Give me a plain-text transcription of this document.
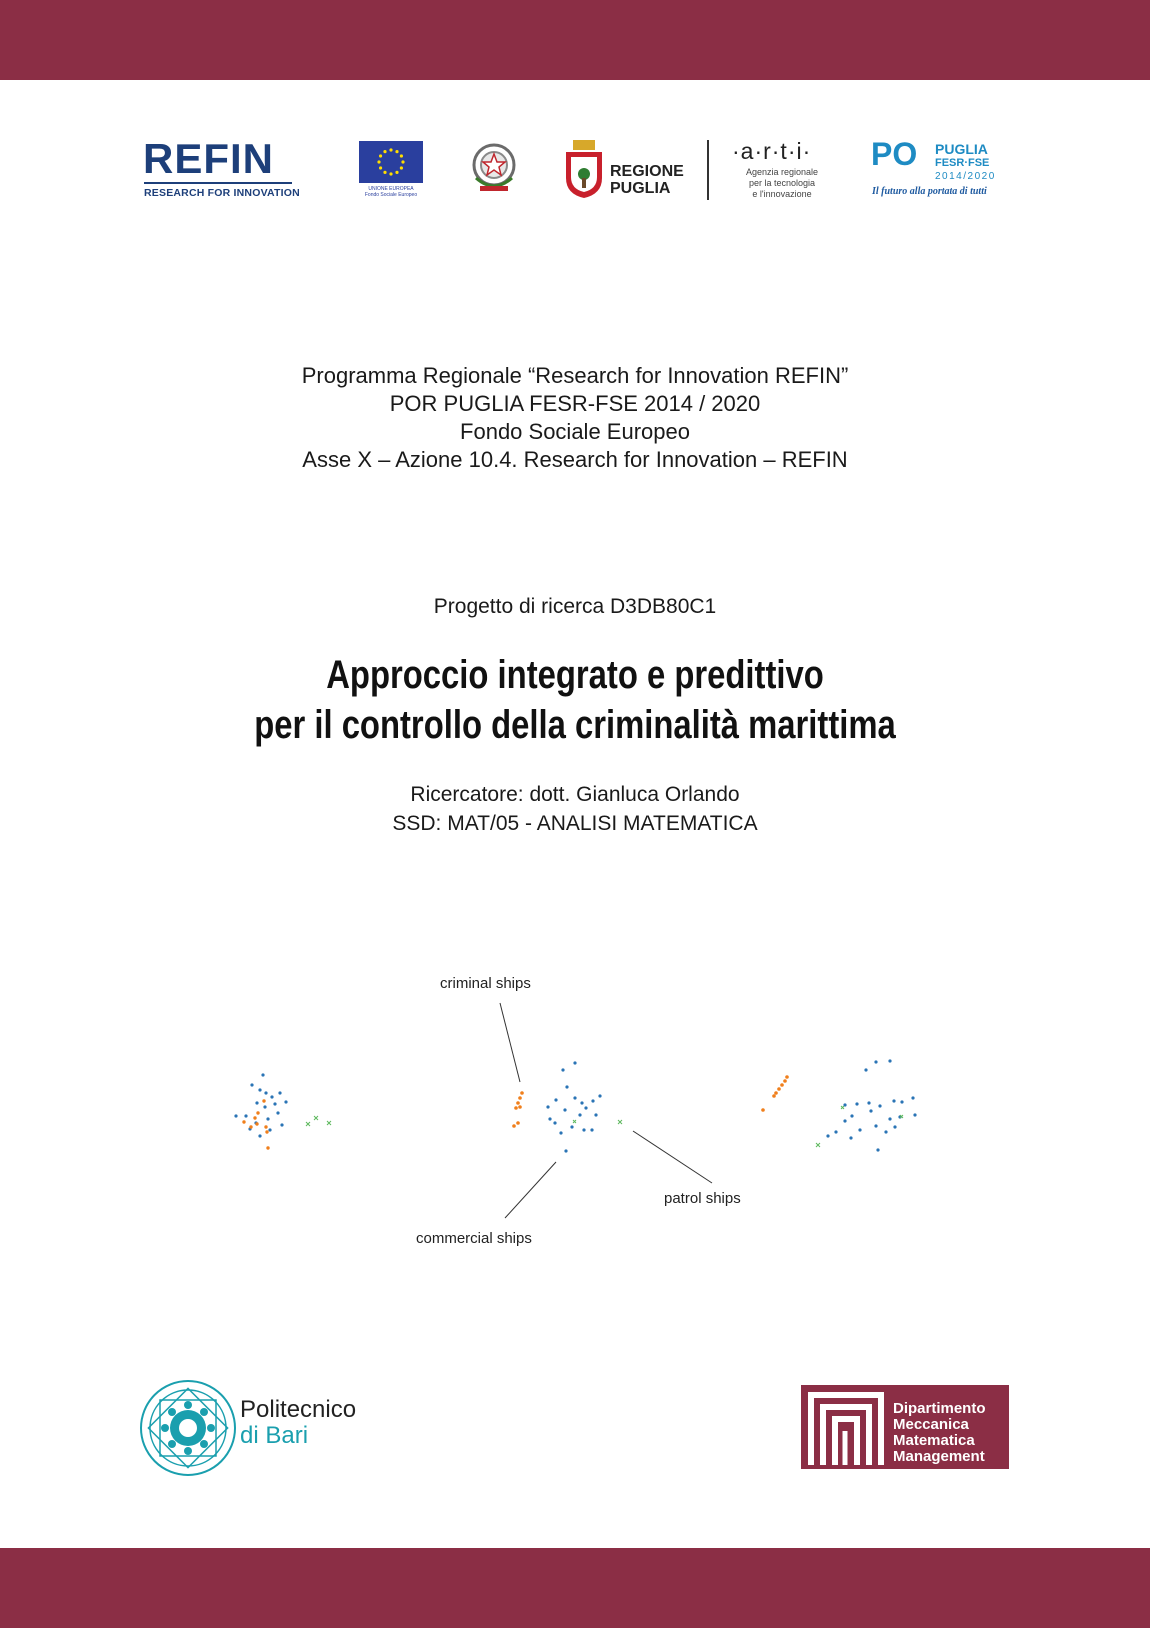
REFIN
RESEARCH FOR INNOVATION	UNIONE EUROPEA
Fondo Sociale Europeo
REGIONE
PUGLIA
·a·r·t·i·
Agenzia regionale
per la tecnologia
e l'innovazione
PO PUGLIA
FESR·FSE
2014/2020
Il futuro alla portata di tutti
Programma Regionale “Research for Innovation REFIN”
POR PUGLIA FESR-FSE 2014 / 2020
Fondo Sociale Europeo
Asse X – Azione 10.4. Research for Innovation – REFIN
Progetto di ricerca D3DB80C1
Approccio integrato e predittivo
per il controllo della criminalità marittima
Ricercatore: dott. Gianluca Orlando
SSD: MAT/05 - ANALISI MATEMATICA
criminal ships
commercial ships
patrol ships
Politecnico
di Bari
Dipartimento
Meccanica
Matematica
Management
